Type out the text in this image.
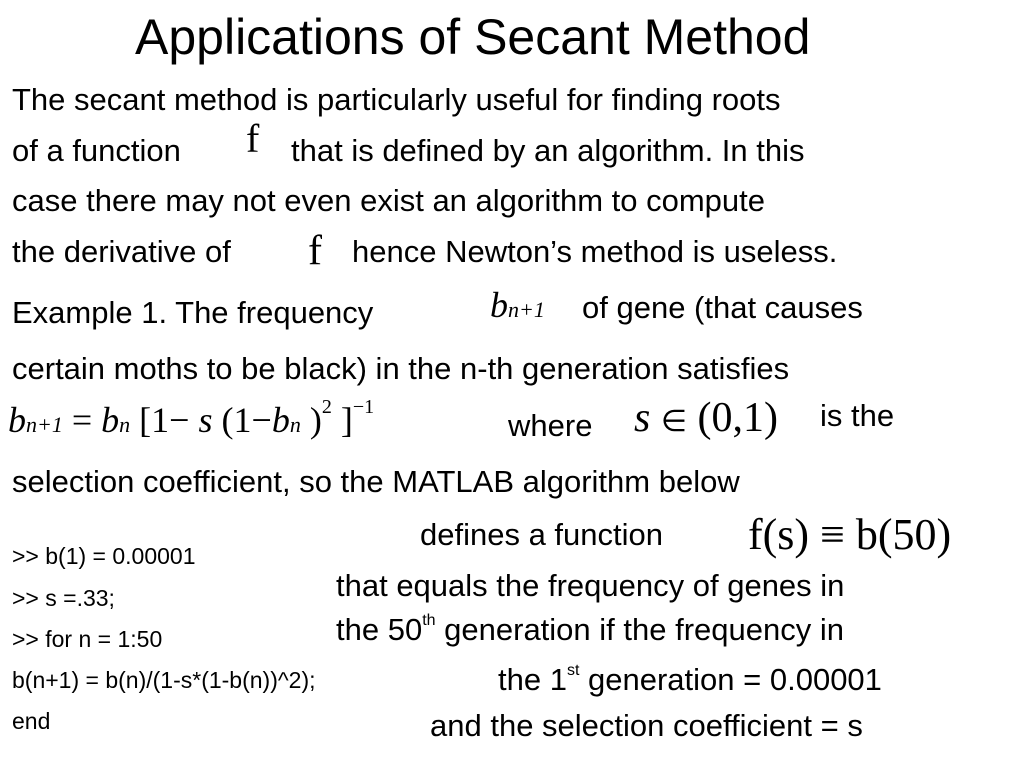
Applications of Secant Method
The secant method is particularly useful for finding roots
of a function f that is defined by an algorithm. In this
case there may not even exist an algorithm to compute
the derivative of f hence Newton’s method is useless.
Example 1. The frequency	bn+1 of gene (that causes
certain moths to be black) in the n-th generation satisfies
bn+1 = bn [1− s (1−bn )$^2$ ]$^{-1}$
where s ∈ (0,1) is the
selection coefficient, so the MATLAB algorithm below
defines a function f(s) ≡ b(50)
>> b(1) = 0.00001
>> s =.33;
>> for n = 1:50
b(n+1) = b(n)/(1-s*(1-b(n))^2);
end
that equals the frequency of genes in
the 50th generation if the frequency in
the 1st generation = 0.00001
and the selection coefficient = s
